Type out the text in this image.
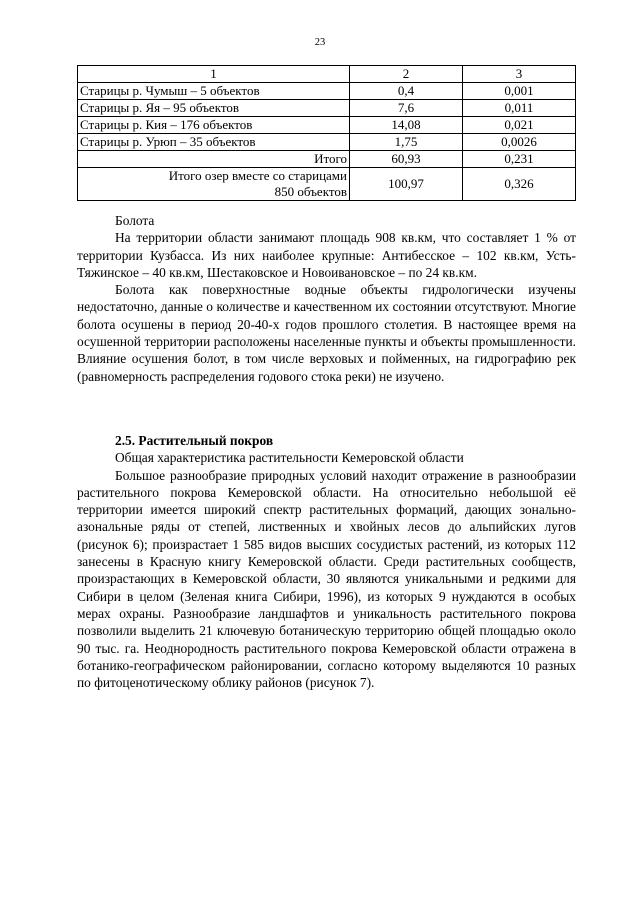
23
1	2	3
Старицы р. Чумыш – 5 объектов	0,4	0,001
Старицы р. Яя – 95 объектов	7,6	0,011
Старицы р. Кия – 176 объектов	14,08	0,021
Старицы р. Урюп – 35 объектов	1,75	0,0026
Итого	60,93	0,231
Итого озер вместе со старицами
850 объектов	100,97	0,326
Болота

На территории области занимают площадь 908 кв.км, что составляет 1 % от территории Кузбасса. Из них наиболее крупные: Антибесское – 102 кв.км, Усть-Тяжинское – 40 кв.км, Шестаковское и Новоивановское – по 24 кв.км.

Болота как поверхностные водные объекты гидрологически изучены недостаточно, данные о количестве и качественном их состоянии отсутствуют. Многие болота осушены в период 20-40-х годов прошлого столетия. В настоящее время на осушенной территории расположены населенные пункты и объекты промышленности. Влияние осушения болот, в том числе верховых и пойменных, на гидрографию рек (равномерность распределения годового стока реки) не изучено.

2.5. Растительный покров
Общая характеристика растительности Кемеровской области

Большое разнообразие природных условий находит отражение в разнообразии растительного покрова Кемеровской области. На относительно небольшой её территории имеется широкий спектр растительных формаций, дающих зонально-азональные ряды от степей, лиственных и хвойных лесов до альпийских лугов (рисунок 6); произрастает 1 585 видов высших сосудистых растений, из которых 112 занесены в Красную книгу Кемеровской области. Среди растительных сообществ, произрастающих в Кемеровской области, 30 являются уникальными и редкими для Сибири в целом (Зеленая книга Сибири, 1996), из которых 9 нуждаются в особых мерах охраны. Разнообразие ландшафтов и уникальность растительного покрова позволили выделить 21 ключевую ботаническую территорию общей площадью около 90 тыс. га. Неоднородность растительного покрова Кемеровской области отражена в ботанико-географическом районировании, согласно которому выделяются 10 разных по фитоценотическому облику районов (рисунок 7).
